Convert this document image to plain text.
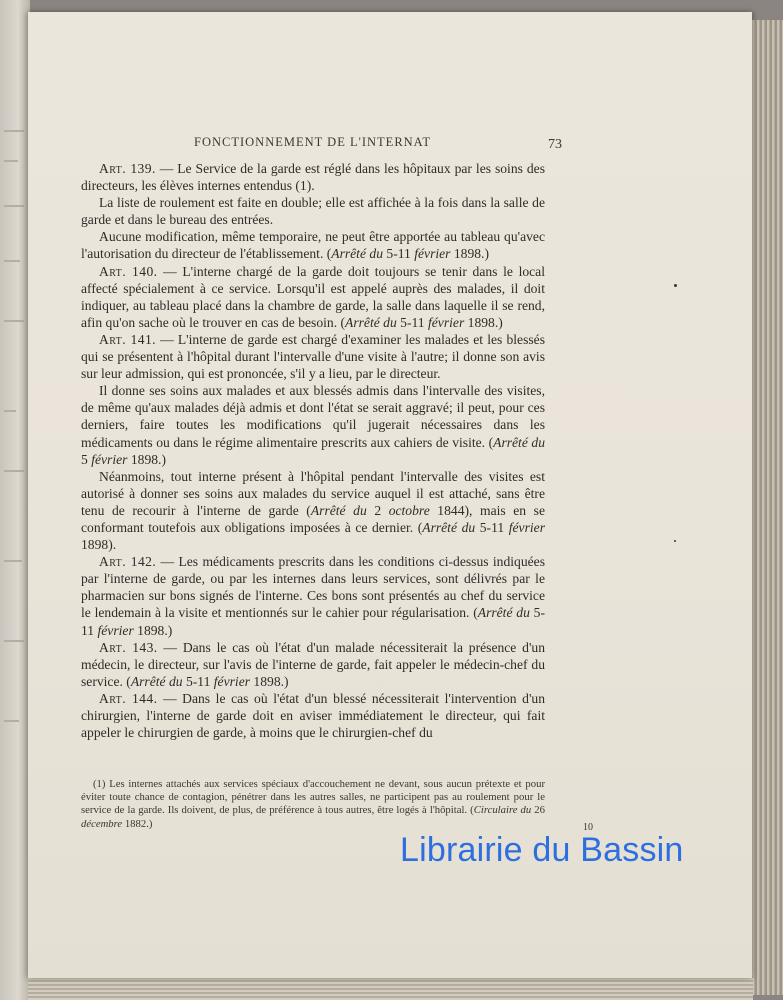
FONCTIONNEMENT DE L'INTERNAT	73

Art. 139. — Le Service de la garde est réglé dans les hôpitaux par les soins des directeurs, les élèves internes entendus (1).

La liste de roulement est faite en double; elle est affichée à la fois dans la salle de garde et dans le bureau des entrées.

Aucune modification, même temporaire, ne peut être apportée au tableau qu'avec l'autorisation du directeur de l'établissement. (Arrêté du 5-11 février 1898.)

Art. 140. — L'interne chargé de la garde doit toujours se tenir dans le local affecté spécialement à ce service. Lorsqu'il est appelé auprès des malades, il doit indiquer, au tableau placé dans la chambre de garde, la salle dans laquelle il se rend, afin qu'on sache où le trouver en cas de besoin. (Arrêté du 5-11 février 1898.)

Art. 141. — L'interne de garde est chargé d'examiner les malades et les blessés qui se présentent à l'hôpital durant l'intervalle d'une visite à l'autre; il donne son avis sur leur admission, qui est prononcée, s'il y a lieu, par le directeur.

Il donne ses soins aux malades et aux blessés admis dans l'intervalle des visites, de même qu'aux malades déjà admis et dont l'état se serait aggravé; il peut, pour ces derniers, faire toutes les modifications qu'il jugerait nécessaires dans les médicaments ou dans le régime alimentaire prescrits aux cahiers de visite. (Arrêté du 5 février 1898.)

Néanmoins, tout interne présent à l'hôpital pendant l'intervalle des visites est autorisé à donner ses soins aux malades du service auquel il est attaché, sans être tenu de recourir à l'interne de garde (Arrêté du 2 octobre 1844), mais en se conformant toutefois aux obligations imposées à ce dernier. (Arrêté du 5-11 février 1898).

Art. 142. — Les médicaments prescrits dans les conditions ci-dessus indiquées par l'interne de garde, ou par les internes dans leurs services, sont délivrés par le pharmacien sur bons signés de l'interne. Ces bons sont présentés au chef du service le lendemain à la visite et mentionnés sur le cahier pour régularisation. (Arrêté du 5-11 février 1898.)

Art. 143. — Dans le cas où l'état d'un malade nécessiterait la présence d'un médecin, le directeur, sur l'avis de l'interne de garde, fait appeler le médecin-chef du service. (Arrêté du 5-11 février 1898.)

Art. 144. — Dans le cas où l'état d'un blessé nécessiterait l'intervention d'un chirurgien, l'interne de garde doit en aviser immédiatement le directeur, qui fait appeler le chirurgien de garde, à moins que le chirurgien-chef du

(1) Les internes attachés aux services spéciaux d'accouchement ne devant, sous aucun prétexte et pour éviter toute chance de contagion, pénétrer dans les autres salles, ne participent pas au roulement pour le service de la garde. Ils doivent, de plus, de préférence à tous autres, être logés à l'hôpital. (Circulaire du 26 décembre 1882.)	10
Librairie du Bassin
